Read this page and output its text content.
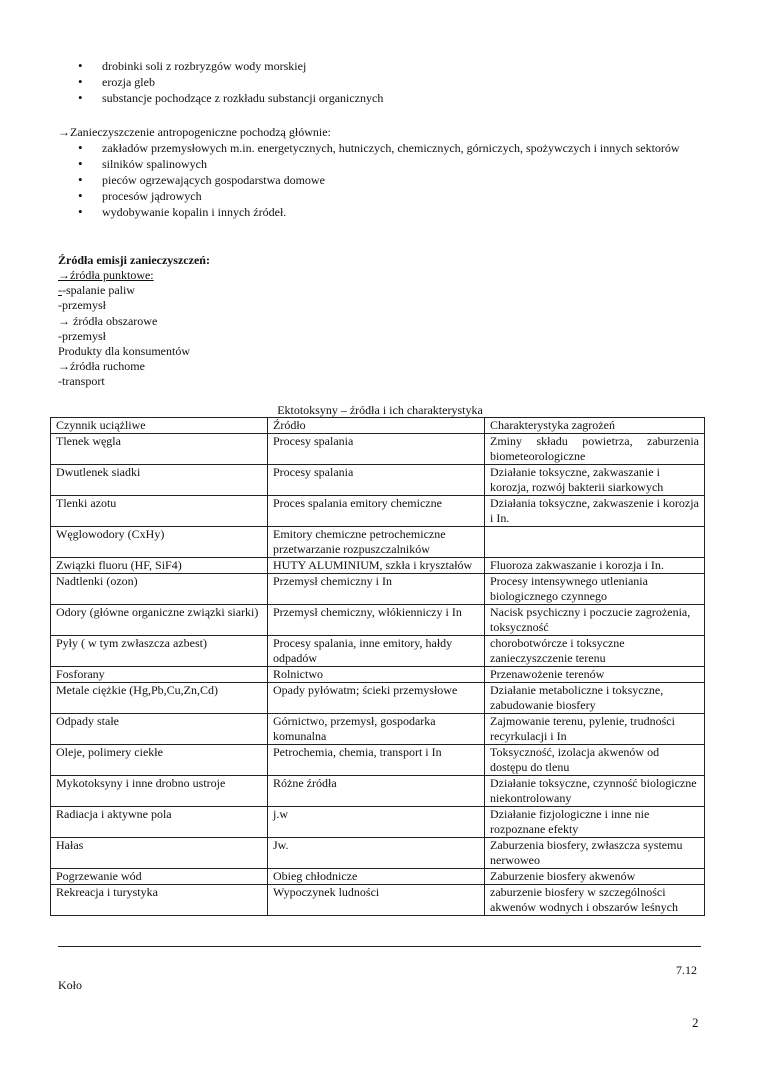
• drobinki soli z rozbryzgów wody morskiej
• erozja gleb
• substancje pochodzące z rozkładu substancji organicznych
→Zanieczyszczenie antropogeniczne pochodzą głównie:
• zakładów przemysłowych m.in. energetycznych, hutniczych, chemicznych, górniczych, spożywczych i innych sektorów
• silników spalinowych
• pieców ogrzewających gospodarstwa domowe
• procesów jądrowych
• wydobywanie kopalin i innych źródeł.
Źródła emisji zanieczyszczeń:
→źródła punktowe:
--spalanie paliw
-przemysł
→ źródła obszarowe
-przemysł
Produkty dla konsumentów
→źródła ruchome
-transport
Ektotoksyny – źródła i ich charakterystyka
Czynnik uciążliwe	Źródło	Charakterystyka zagrożeń
Tlenek węgla	Procesy spalania	Zminy składu powietrza, zaburzenia biometeorologiczne
Dwutlenek siadki	Procesy spalania	Działanie toksyczne, zakwaszanie i korozja, rozwój bakterii siarkowych
Tlenki azotu	Proces spalania emitory chemiczne	Działania toksyczne, zakwaszenie i korozja i In.
Węglowodory (CxHy)	Emitory chemiczne petrochemiczne przetwarzanie rozpuszczalników	
Związki fluoru (HF, SiF4)	HUTY ALUMINIUM, szkła i kryształów	Fluoroza zakwaszanie i korozja i In.
Nadtlenki (ozon)	Przemysł chemiczny i In	Procesy intensywnego utleniania biologicznego czynnego
Odory (główne organiczne związki siarki)	Przemysł chemiczny, włókienniczy i In	Nacisk psychiczny i poczucie zagrożenia, toksyczność
Pyły ( w tym zwłaszcza azbest)	Procesy spalania, inne emitory, hałdy odpadów	chorobotwórcze i toksyczne zanieczyszczenie terenu
Fosforany	Rolnictwo	Przenawożenie terenów
Metale ciężkie (Hg,Pb,Cu,Zn,Cd)	Opady pyłówatm; ścieki przemysłowe	Działanie metaboliczne i toksyczne, zabudowanie biosfery
Odpady stałe	Górnictwo, przemysł, gospodarka komunalna	Zajmowanie terenu, pylenie, trudności recyrkulacji i In
Oleje, polimery ciekłe	Petrochemia, chemia, transport i In	Toksyczność, izolacja akwenów od dostępu do tlenu
Mykotoksyny i inne drobno ustroje	Różne źródła	Działanie toksyczne, czynność biologiczne niekontrolowany
Radiacja i aktywne pola	j.w	Działanie fizjologiczne i inne nie rozpoznane efekty
Hałas	Jw.	Zaburzenia biosfery, zwłaszcza systemu nerwoweo
Pogrzewanie wód	Obieg chłodnicze	Zaburzenie biosfery akwenów
Rekreacja i turystyka	Wypoczynek ludności	zaburzenie biosfery w szczególności akwenów wodnych i obszarów leśnych
7.12
Koło
2
